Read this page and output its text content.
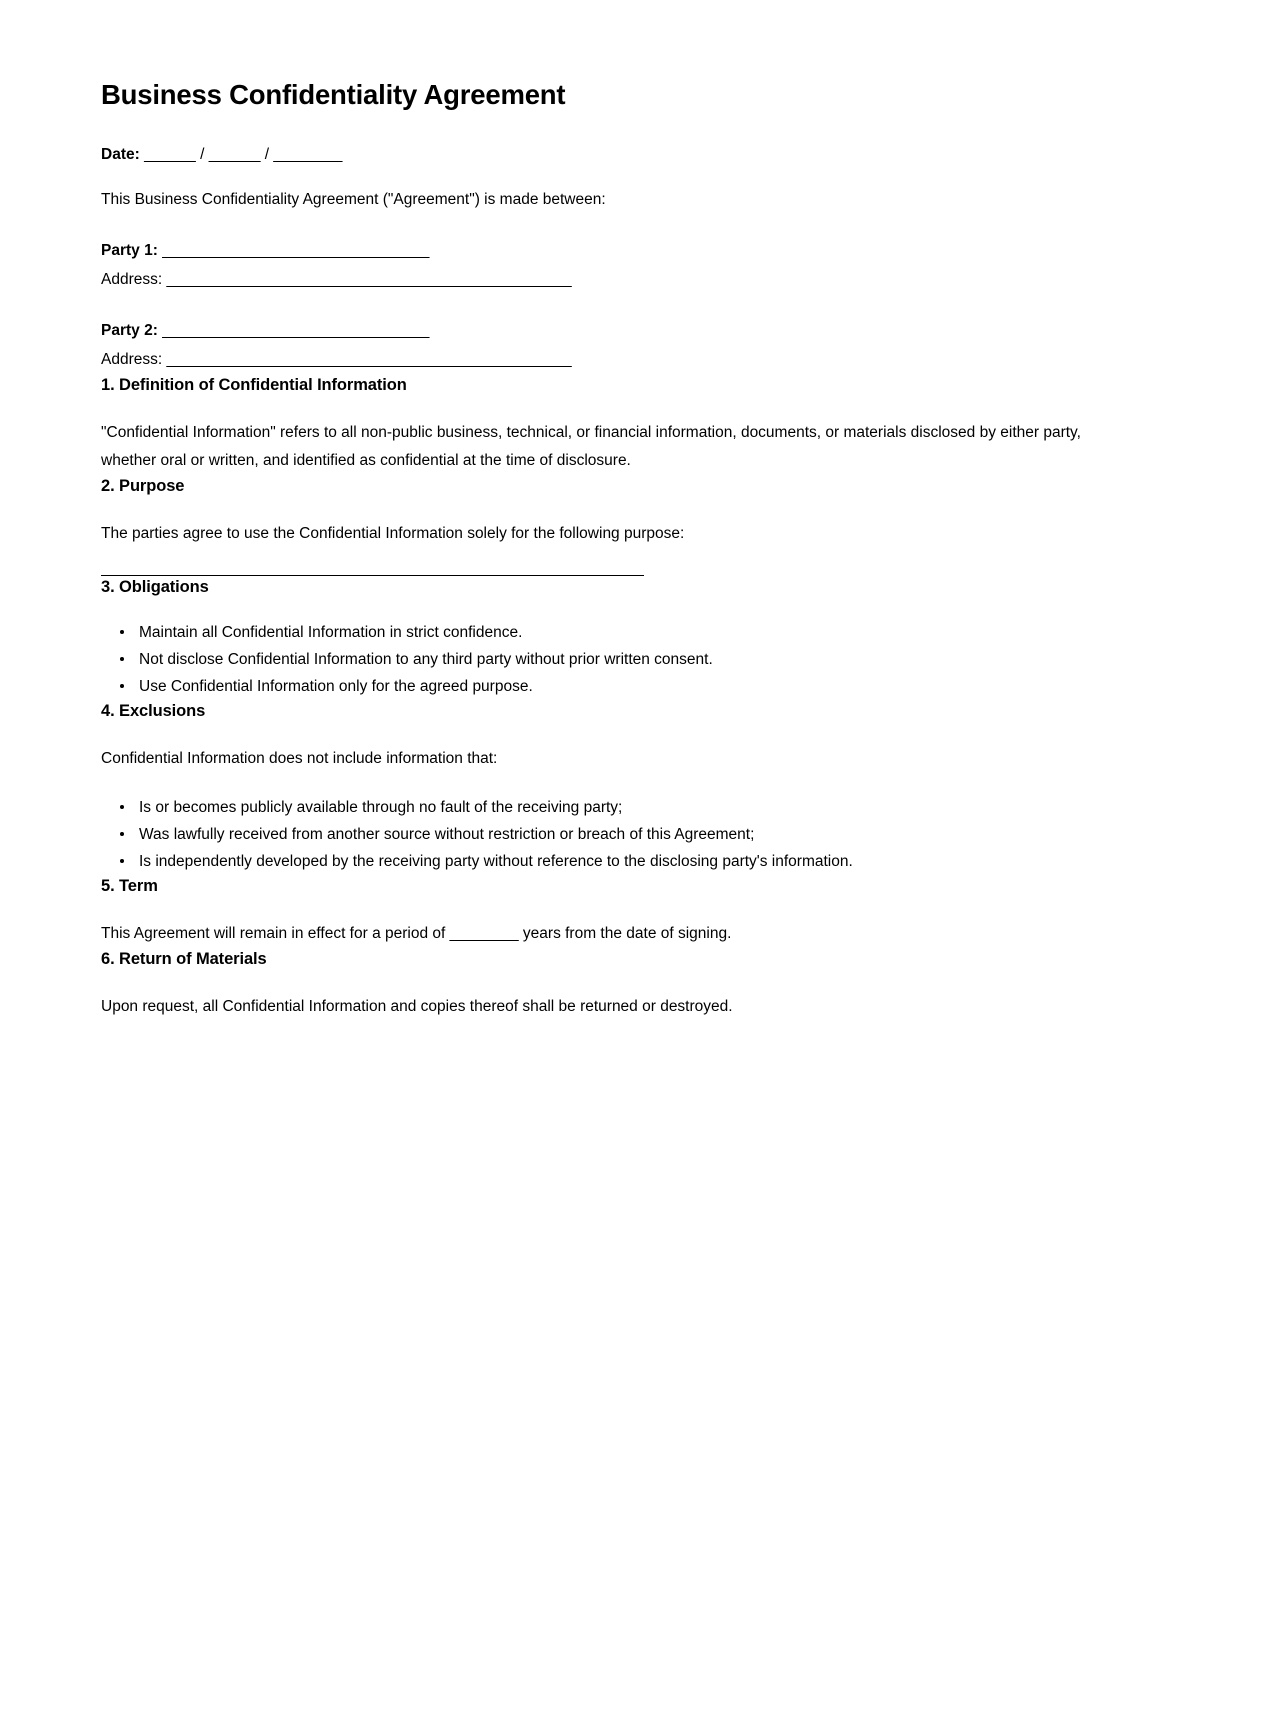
Business Confidentiality Agreement
Date: ______ / ______ / ________

This Business Confidentiality Agreement ("Agreement") is made between:

Party 1: _______________________________
Address: _______________________________________________
Party 2: _______________________________
Address: _______________________________________________
1. Definition of Confidential Information

"Confidential Information" refers to all non-public business, technical, or financial information, documents, or materials disclosed by either party, whether oral or written, and identified as confidential at the time of disclosure.

2. Purpose

The parties agree to use the Confidential Information solely for the following purpose:

3. Obligations
Maintain all Confidential Information in strict confidence.
Not disclose Confidential Information to any third party without prior written consent.
Use Confidential Information only for the agreed purpose.
4. Exclusions

Confidential Information does not include information that:

Is or becomes publicly available through no fault of the receiving party;
Was lawfully received from another source without restriction or breach of this Agreement;
Is independently developed by the receiving party without reference to the disclosing party's information.
5. Term

This Agreement will remain in effect for a period of ________ years from the date of signing.

6. Return of Materials

Upon request, all Confidential Information and copies thereof shall be returned or destroyed.
